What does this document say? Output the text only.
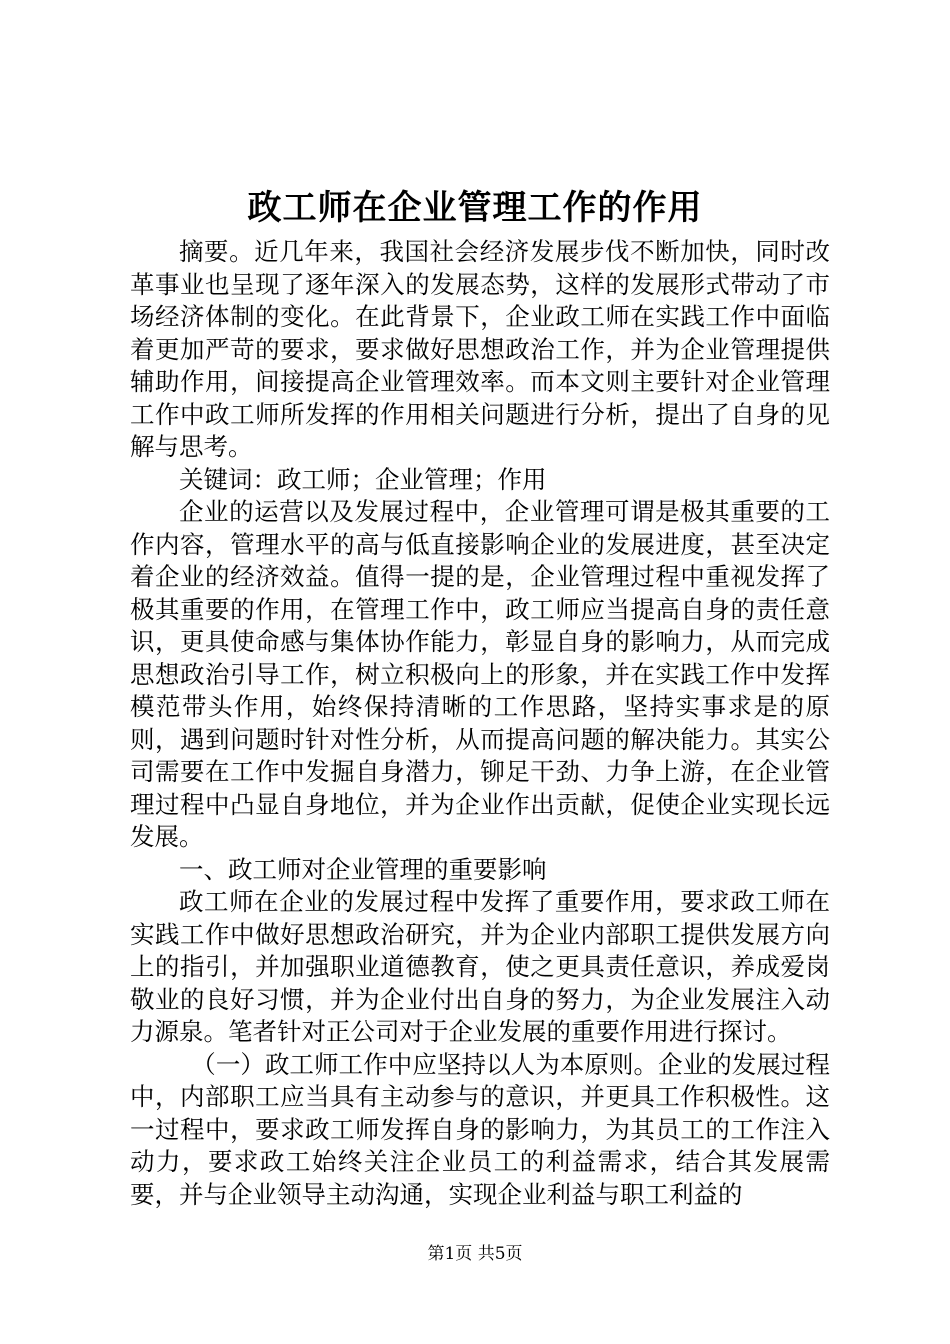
政工师在企业管理工作的作用

摘要。近几年来，我国社会经济发展步伐不断加快，同时改革事业也呈现了逐年深入的发展态势，这样的发展形式带动了市场经济体制的变化。在此背景下，企业政工师在实践工作中面临着更加严苛的要求，要求做好思想政治工作，并为企业管理提供辅助作用，间接提高企业管理效率。而本文则主要针对企业管理工作中政工师所发挥的作用相关问题进行分析，提出了自身的见解与思考。

关键词：政工师；企业管理；作用

企业的运营以及发展过程中，企业管理可谓是极其重要的工作内容，管理水平的高与低直接影响企业的发展进度，甚至决定着企业的经济效益。值得一提的是，企业管理过程中重视发挥了极其重要的作用，在管理工作中，政工师应当提高自身的责任意识，更具使命感与集体协作能力，彰显自身的影响力，从而完成思想政治引导工作，树立积极向上的形象，并在实践工作中发挥模范带头作用，始终保持清晰的工作思路，坚持实事求是的原则，遇到问题时针对性分析，从而提高问题的解决能力。其实公司需要在工作中发掘自身潜力，铆足干劲、力争上游，在企业管理过程中凸显自身地位，并为企业作出贡献，促使企业实现长远发展。

一、政工师对企业管理的重要影响

政工师在企业的发展过程中发挥了重要作用，要求政工师在实践工作中做好思想政治研究，并为企业内部职工提供发展方向上的指引，并加强职业道德教育，使之更具责任意识，养成爱岗敬业的良好习惯，并为企业付出自身的努力，为企业发展注入动力源泉。笔者针对正公司对于企业发展的重要作用进行探讨。

（一）政工师工作中应坚持以人为本原则。企业的发展过程中，内部职工应当具有主动参与的意识，并更具工作积极性。这一过程中，要求政工师发挥自身的影响力，为其员工的工作注入动力，要求政工始终关注企业员工的利益需求，结合其发展需要，并与企业领导主动沟通，实现企业利益与职工利益的

第1页 共5页
